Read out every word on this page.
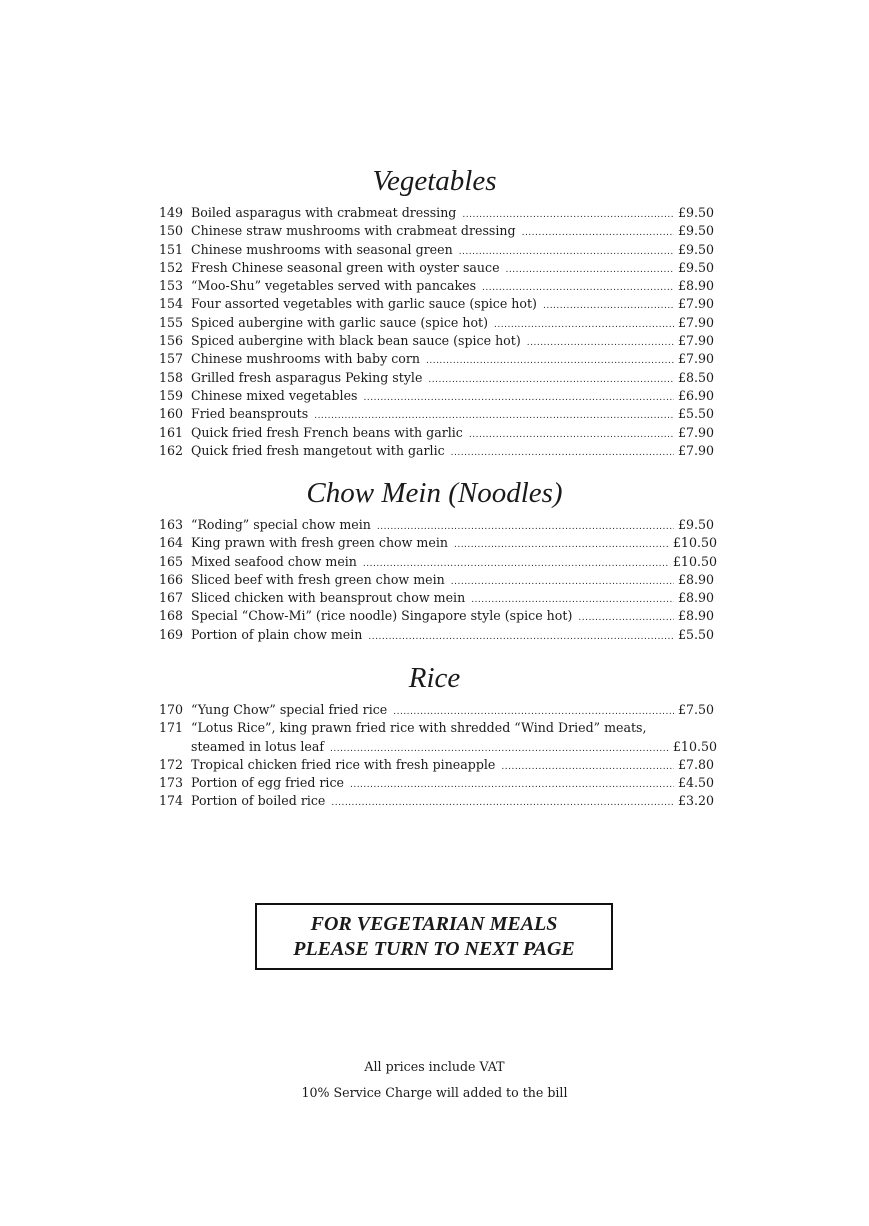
Vegetables
149 Boiled asparagus with crabmeat dressing .....	£9.50
150 Chinese straw mushrooms with crabmeat dressing .....	£9.50
151 Chinese mushrooms with seasonal green .....	£9.50
152 Fresh Chinese seasonal green with oyster sauce .....	£9.50
153 “Moo-Shu” vegetables served with pancakes .....	£8.90
154 Four assorted vegetables with garlic sauce (spice hot) .....	£7.90
155 Spiced aubergine with garlic sauce (spice hot) .....	£7.90
156 Spiced aubergine with black bean sauce (spice hot) .....	£7.90
157 Chinese mushrooms with baby corn .....	£7.90
158 Grilled fresh asparagus Peking style .....	£8.50
159 Chinese mixed vegetables .....	£6.90
160 Fried beansprouts .....	£5.50
161 Quick fried fresh French beans with garlic .....	£7.90
162 Quick fried fresh mangetout with garlic .....	£7.90
Chow Mein (Noodles)
163 “Roding” special chow mein .....	£9.50
164 King prawn with fresh green chow mein .....	£10.50
165 Mixed seafood chow mein .....	£10.50
166 Sliced beef with fresh green chow mein .....	£8.90
167 Sliced chicken with beansprout chow mein .....	£8.90
168 Special “Chow-Mi” (rice noodle) Singapore style (spice hot) .....	£8.90
169 Portion of plain chow mein .....	£5.50
Rice
170 “Yung Chow” special fried rice .....	£7.50
171 “Lotus Rice”, king prawn fried rice with shredded “Wind Dried” meats,
steamed in lotus leaf .....	£10.50
172 Tropical chicken fried rice with fresh pineapple .....	£7.80
173 Portion of egg fried rice .....	£4.50
174 Portion of boiled rice .....	£3.20
FOR VEGETARIAN MEALS
PLEASE TURN TO NEXT PAGE
All prices include VAT
10% Service Charge will added to the bill
